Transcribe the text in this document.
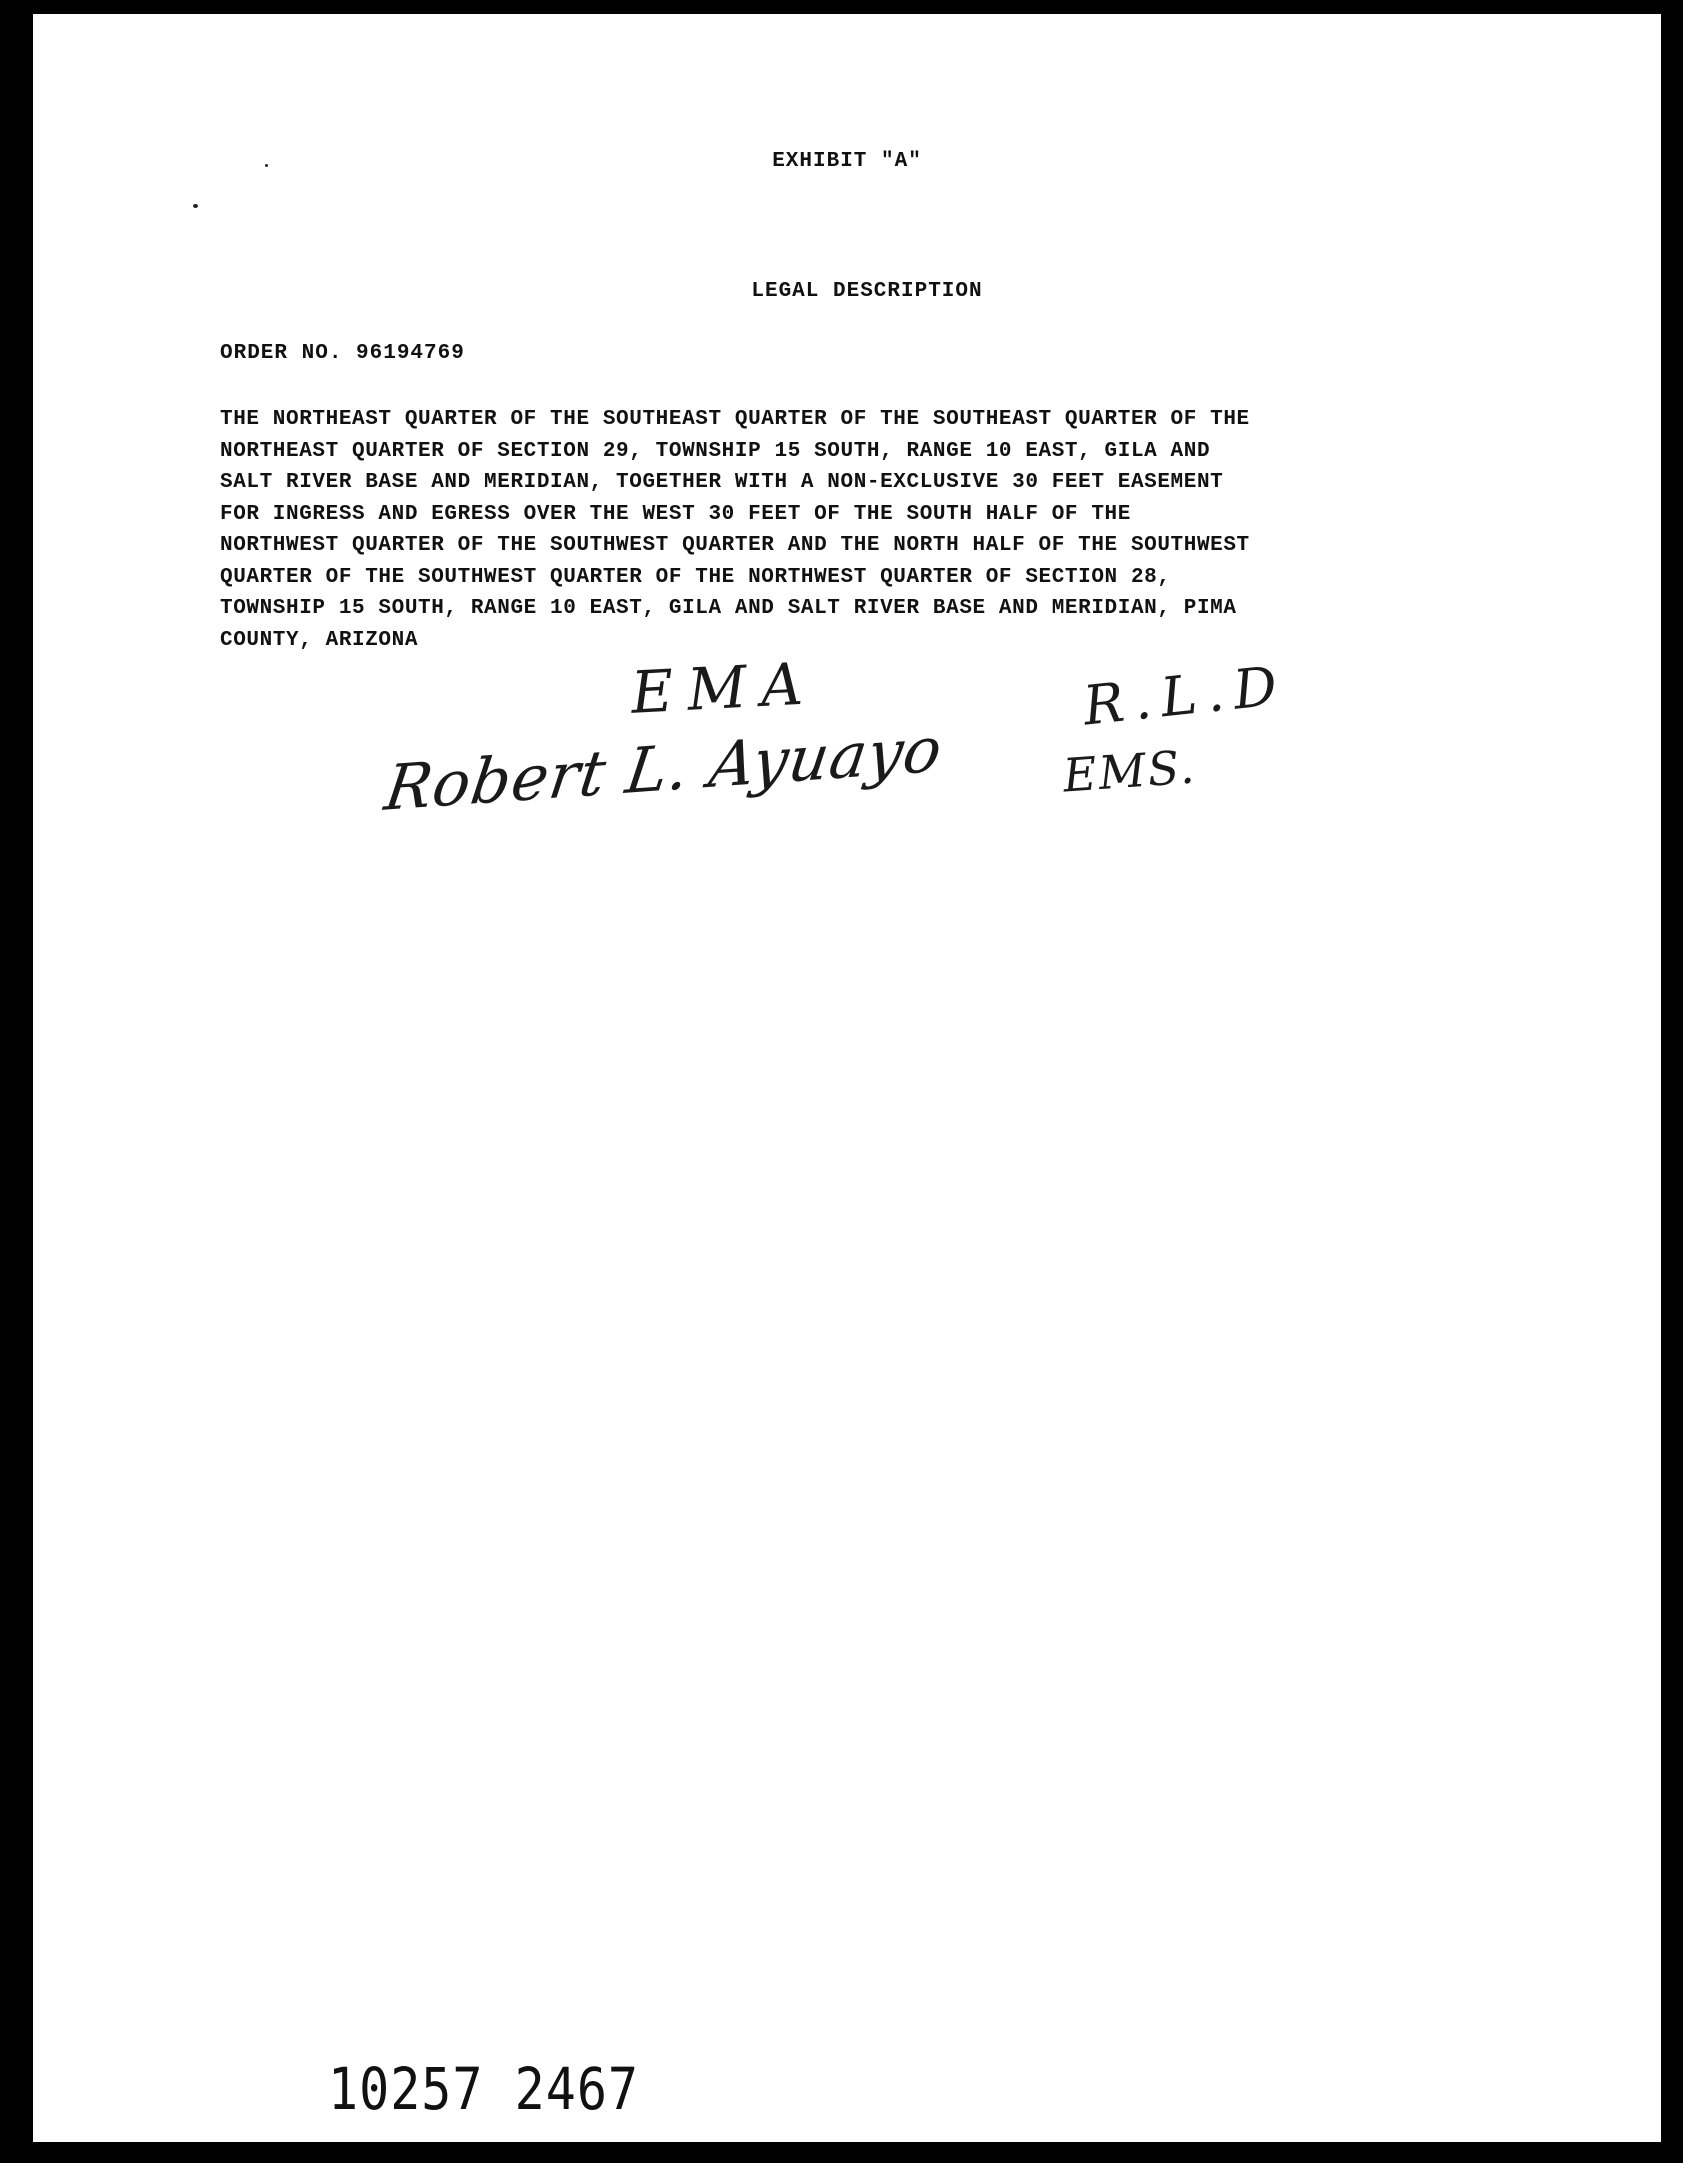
EXHIBIT "A"
LEGAL DESCRIPTION
ORDER NO. 96194769
THE NORTHEAST QUARTER OF THE SOUTHEAST QUARTER OF THE SOUTHEAST QUARTER OF THE
NORTHEAST QUARTER OF SECTION 29, TOWNSHIP 15 SOUTH, RANGE 10 EAST, GILA AND
SALT RIVER BASE AND MERIDIAN, TOGETHER WITH A NON-EXCLUSIVE 30 FEET EASEMENT
FOR INGRESS AND EGRESS OVER THE WEST 30 FEET OF THE SOUTH HALF OF THE
NORTHWEST QUARTER OF THE SOUTHWEST QUARTER AND THE NORTH HALF OF THE SOUTHWEST
QUARTER OF THE SOUTHWEST QUARTER OF THE NORTHWEST QUARTER OF SECTION 28,
TOWNSHIP 15 SOUTH, RANGE 10 EAST, GILA AND SALT RIVER BASE AND MERIDIAN, PIMA
COUNTY, ARIZONA
EMA
Robert L. Ayuayo
R.L.D
EMS.
10257 2467
